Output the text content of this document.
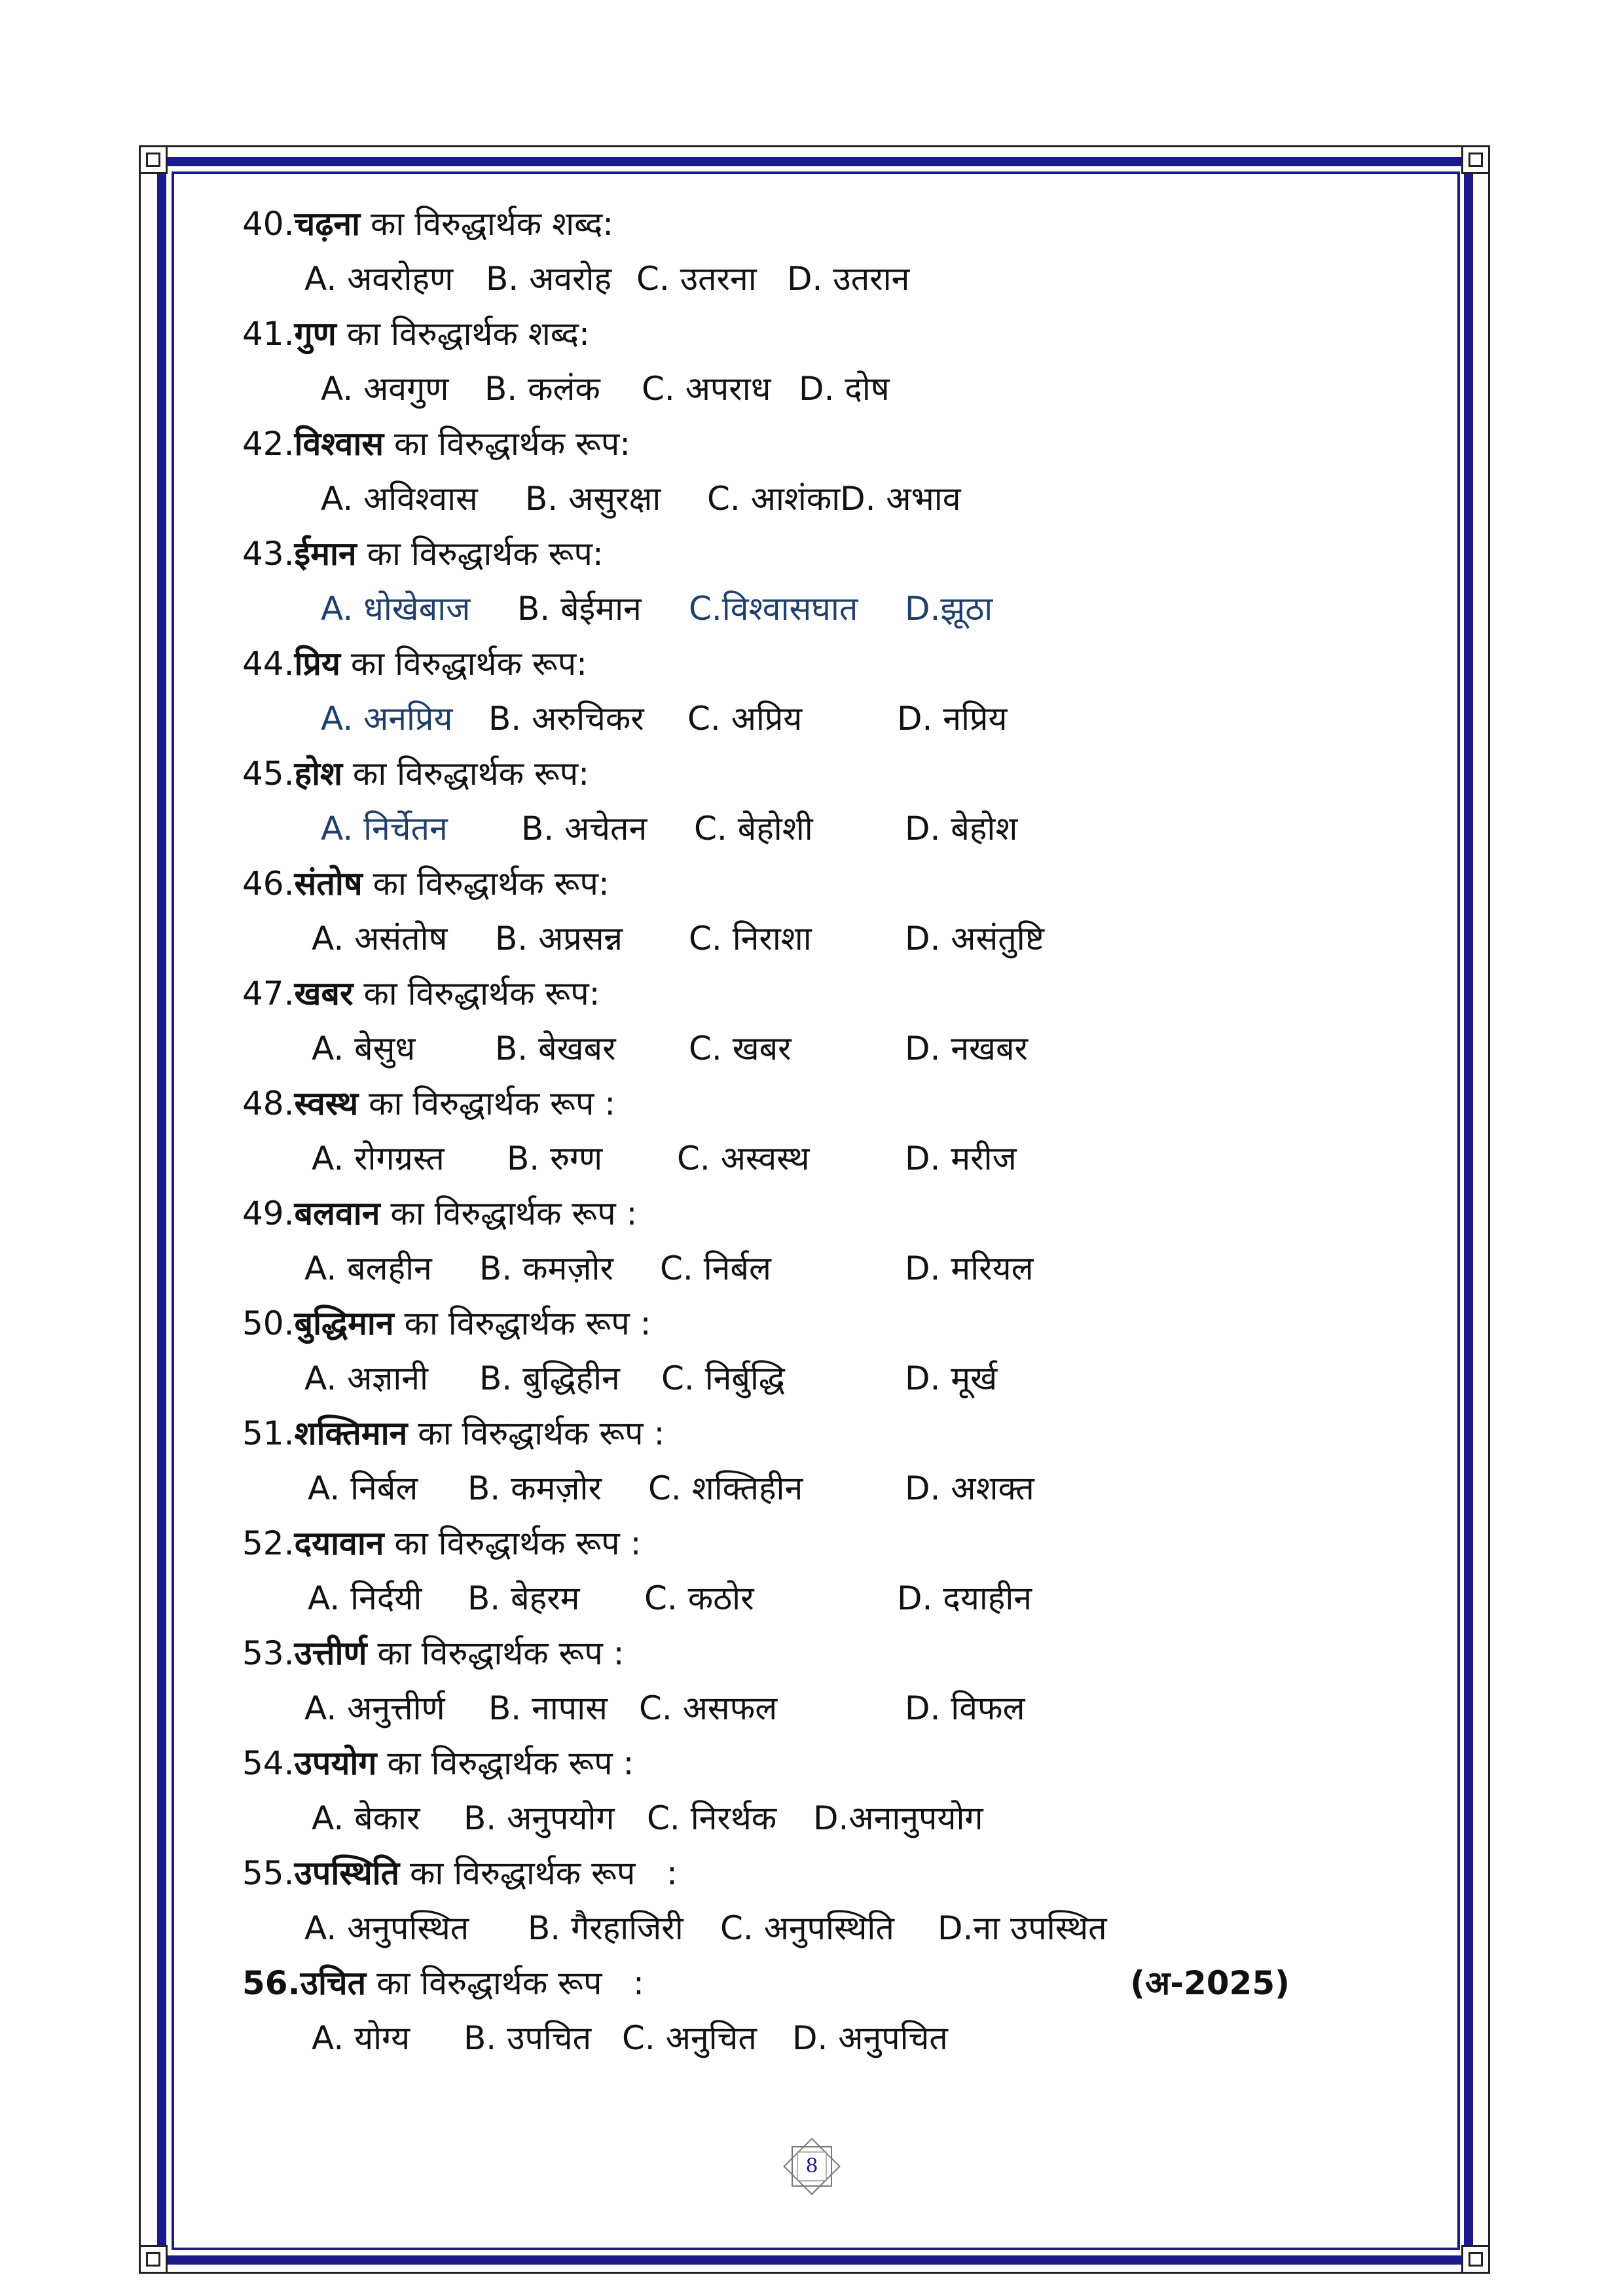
40.चढ़ना का विरुद्धार्थक शब्द:
A. अवरोहण B. अवरोह C. उतरना D. उतरान
41.गुण का विरुद्धार्थक शब्द:
A. अवगुण B. कलंक C. अपराध D. दोष
42.विश्वास का विरुद्धार्थक रूप:
A. अविश्वास B. असुरक्षा C. आशंकाD. अभाव
43.ईमान का विरुद्धार्थक रूप:
A. धोखेबाज B. बेईमान C.विश्वासघात D.झूठा
44.प्रिय का विरुद्धार्थक रूप:
A. अनप्रिय B. अरुचिकर C. अप्रिय	D. नप्रिय
45.होश का विरुद्धार्थक रूप:
A. निर्चेतन B. अचेतन C. बेहोशी	D. बेहोश
46.संतोष का विरुद्धार्थक रूप:
A. असंतोष B. अप्रसन्न C. निराशा	D. असंतुष्टि
47.खबर का विरुद्धार्थक रूप:
A. बेसुध B. बेखबर C. खबर	D. नखबर
48.स्वस्थ का विरुद्धार्थक रूप :
A. रोगग्रस्त B. रुग्ण C. अस्वस्थ	D. मरीज
49.बलवान का विरुद्धार्थक रूप :
A. बलहीन B. कमज़ोर C. निर्बल	D. मरियल
50.बुद्धिमान का विरुद्धार्थक रूप :
A. अज्ञानी B. बुद्धिहीन C. निर्बुद्धि	D. मूर्ख
51.शक्तिमान का विरुद्धार्थक रूप :
A. निर्बल B. कमज़ोर C. शक्तिहीन	D. अशक्त
52.दयावान का विरुद्धार्थक रूप :
A. निर्दयी B. बेहरम C. कठोर	D. दयाहीन
53.उत्तीर्ण का विरुद्धार्थक रूप :
A. अनुत्तीर्ण B. नापास C. असफल	D. विफल
54.उपयोग का विरुद्धार्थक रूप :
A. बेकार B. अनुपयोग C. निरर्थक D.अनानुपयोग
55.उपस्थिति का विरुद्धार्थक रूप   :
A. अनुपस्थित B. गैरहाजिरी C. अनुपस्थिति D.ना उपस्थित
56.उचित का विरुद्धार्थक रूप   :	(अ-2025)
A. योग्य B. उपचित C. अनुचित D. अनुपचित
8
